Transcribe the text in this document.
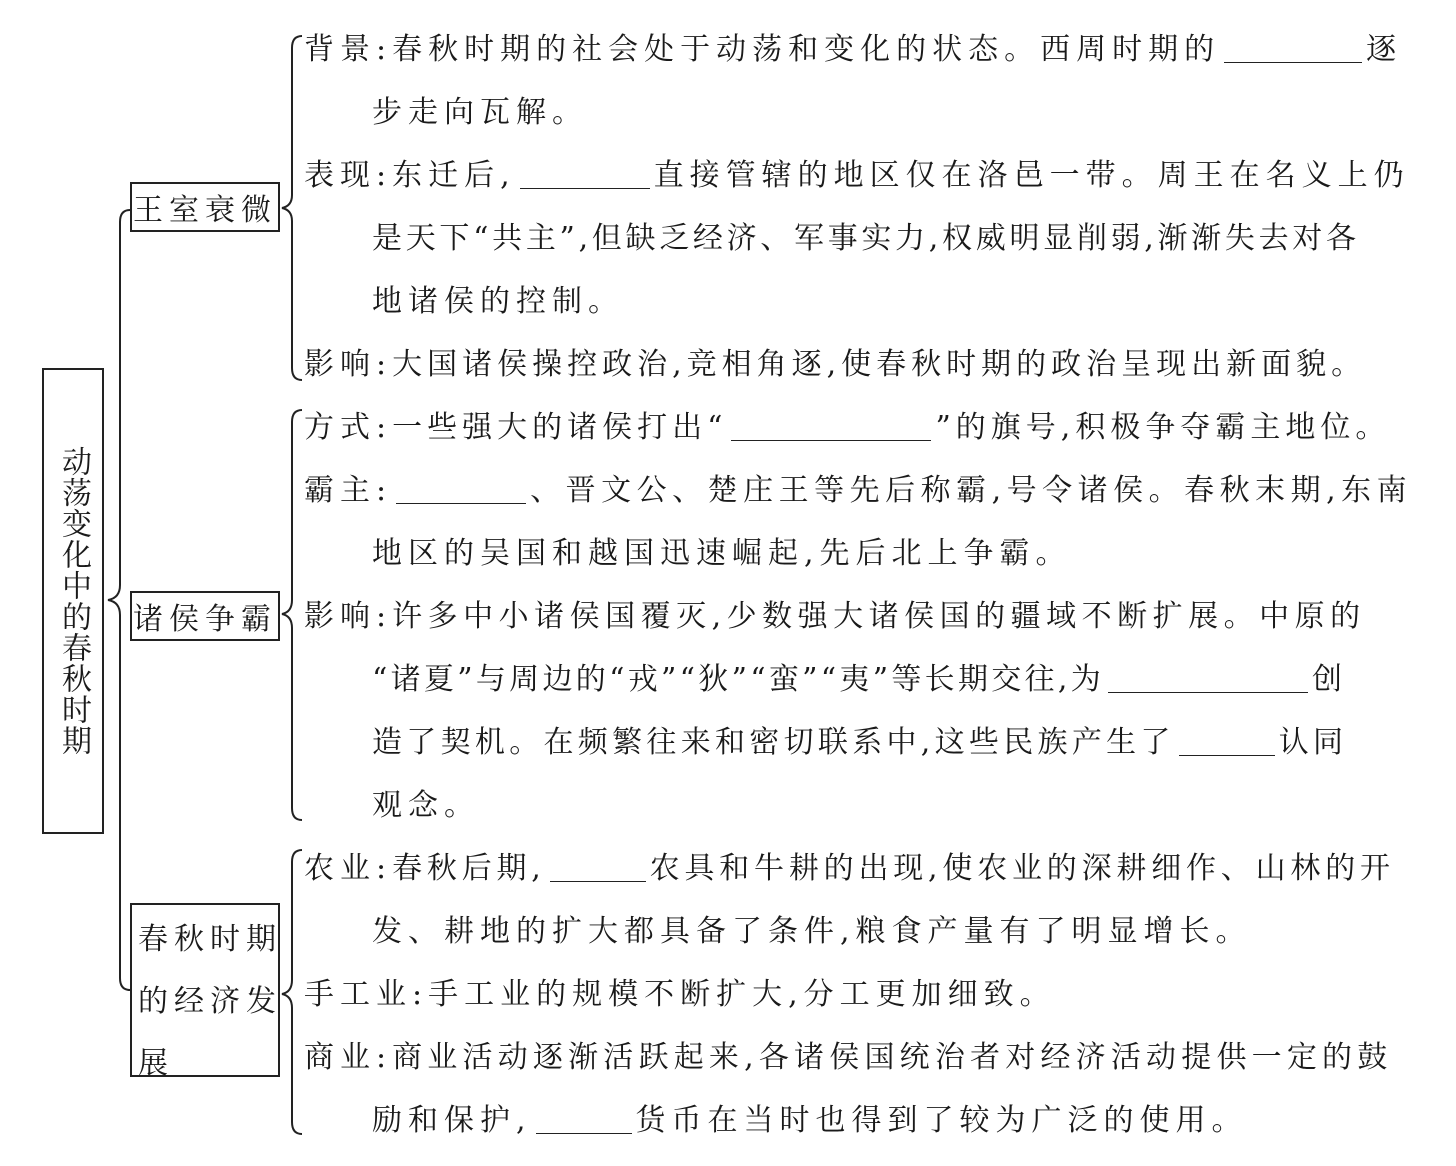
动荡变化中的春秋时期
王室衰微
诸侯争霸
春秋时期
的经济发
展
背景:春秋时期的社会处于动荡和变化的状态。西周时期的	逐
步走向瓦解。
表现:东迁后,	直接管辖的地区仅在洛邑一带。周王在名义上仍
是天下“共主”,但缺乏经济、军事实力,权威明显削弱,渐渐失去对各
地诸侯的控制。
影响:大国诸侯操控政治,竞相角逐,使春秋时期的政治呈现出新面貌。
方式:一些强大的诸侯打出“	”的旗号,积极争夺霸主地位。
霸主:	、晋文公、楚庄王等先后称霸,号令诸侯。春秋末期,东南
地区的吴国和越国迅速崛起,先后北上争霸。
影响:许多中小诸侯国覆灭,少数强大诸侯国的疆域不断扩展。中原的
“诸夏”与周边的“戎”“狄”“蛮”“夷”等长期交往,为	创
造了契机。在频繁往来和密切联系中,这些民族产生了	认同
观念。
农业:春秋后期,	农具和牛耕的出现,使农业的深耕细作、山林的开
发、耕地的扩大都具备了条件,粮食产量有了明显增长。
手工业:手工业的规模不断扩大,分工更加细致。
商业:商业活动逐渐活跃起来,各诸侯国统治者对经济活动提供一定的鼓
励和保护,	货币在当时也得到了较为广泛的使用。
